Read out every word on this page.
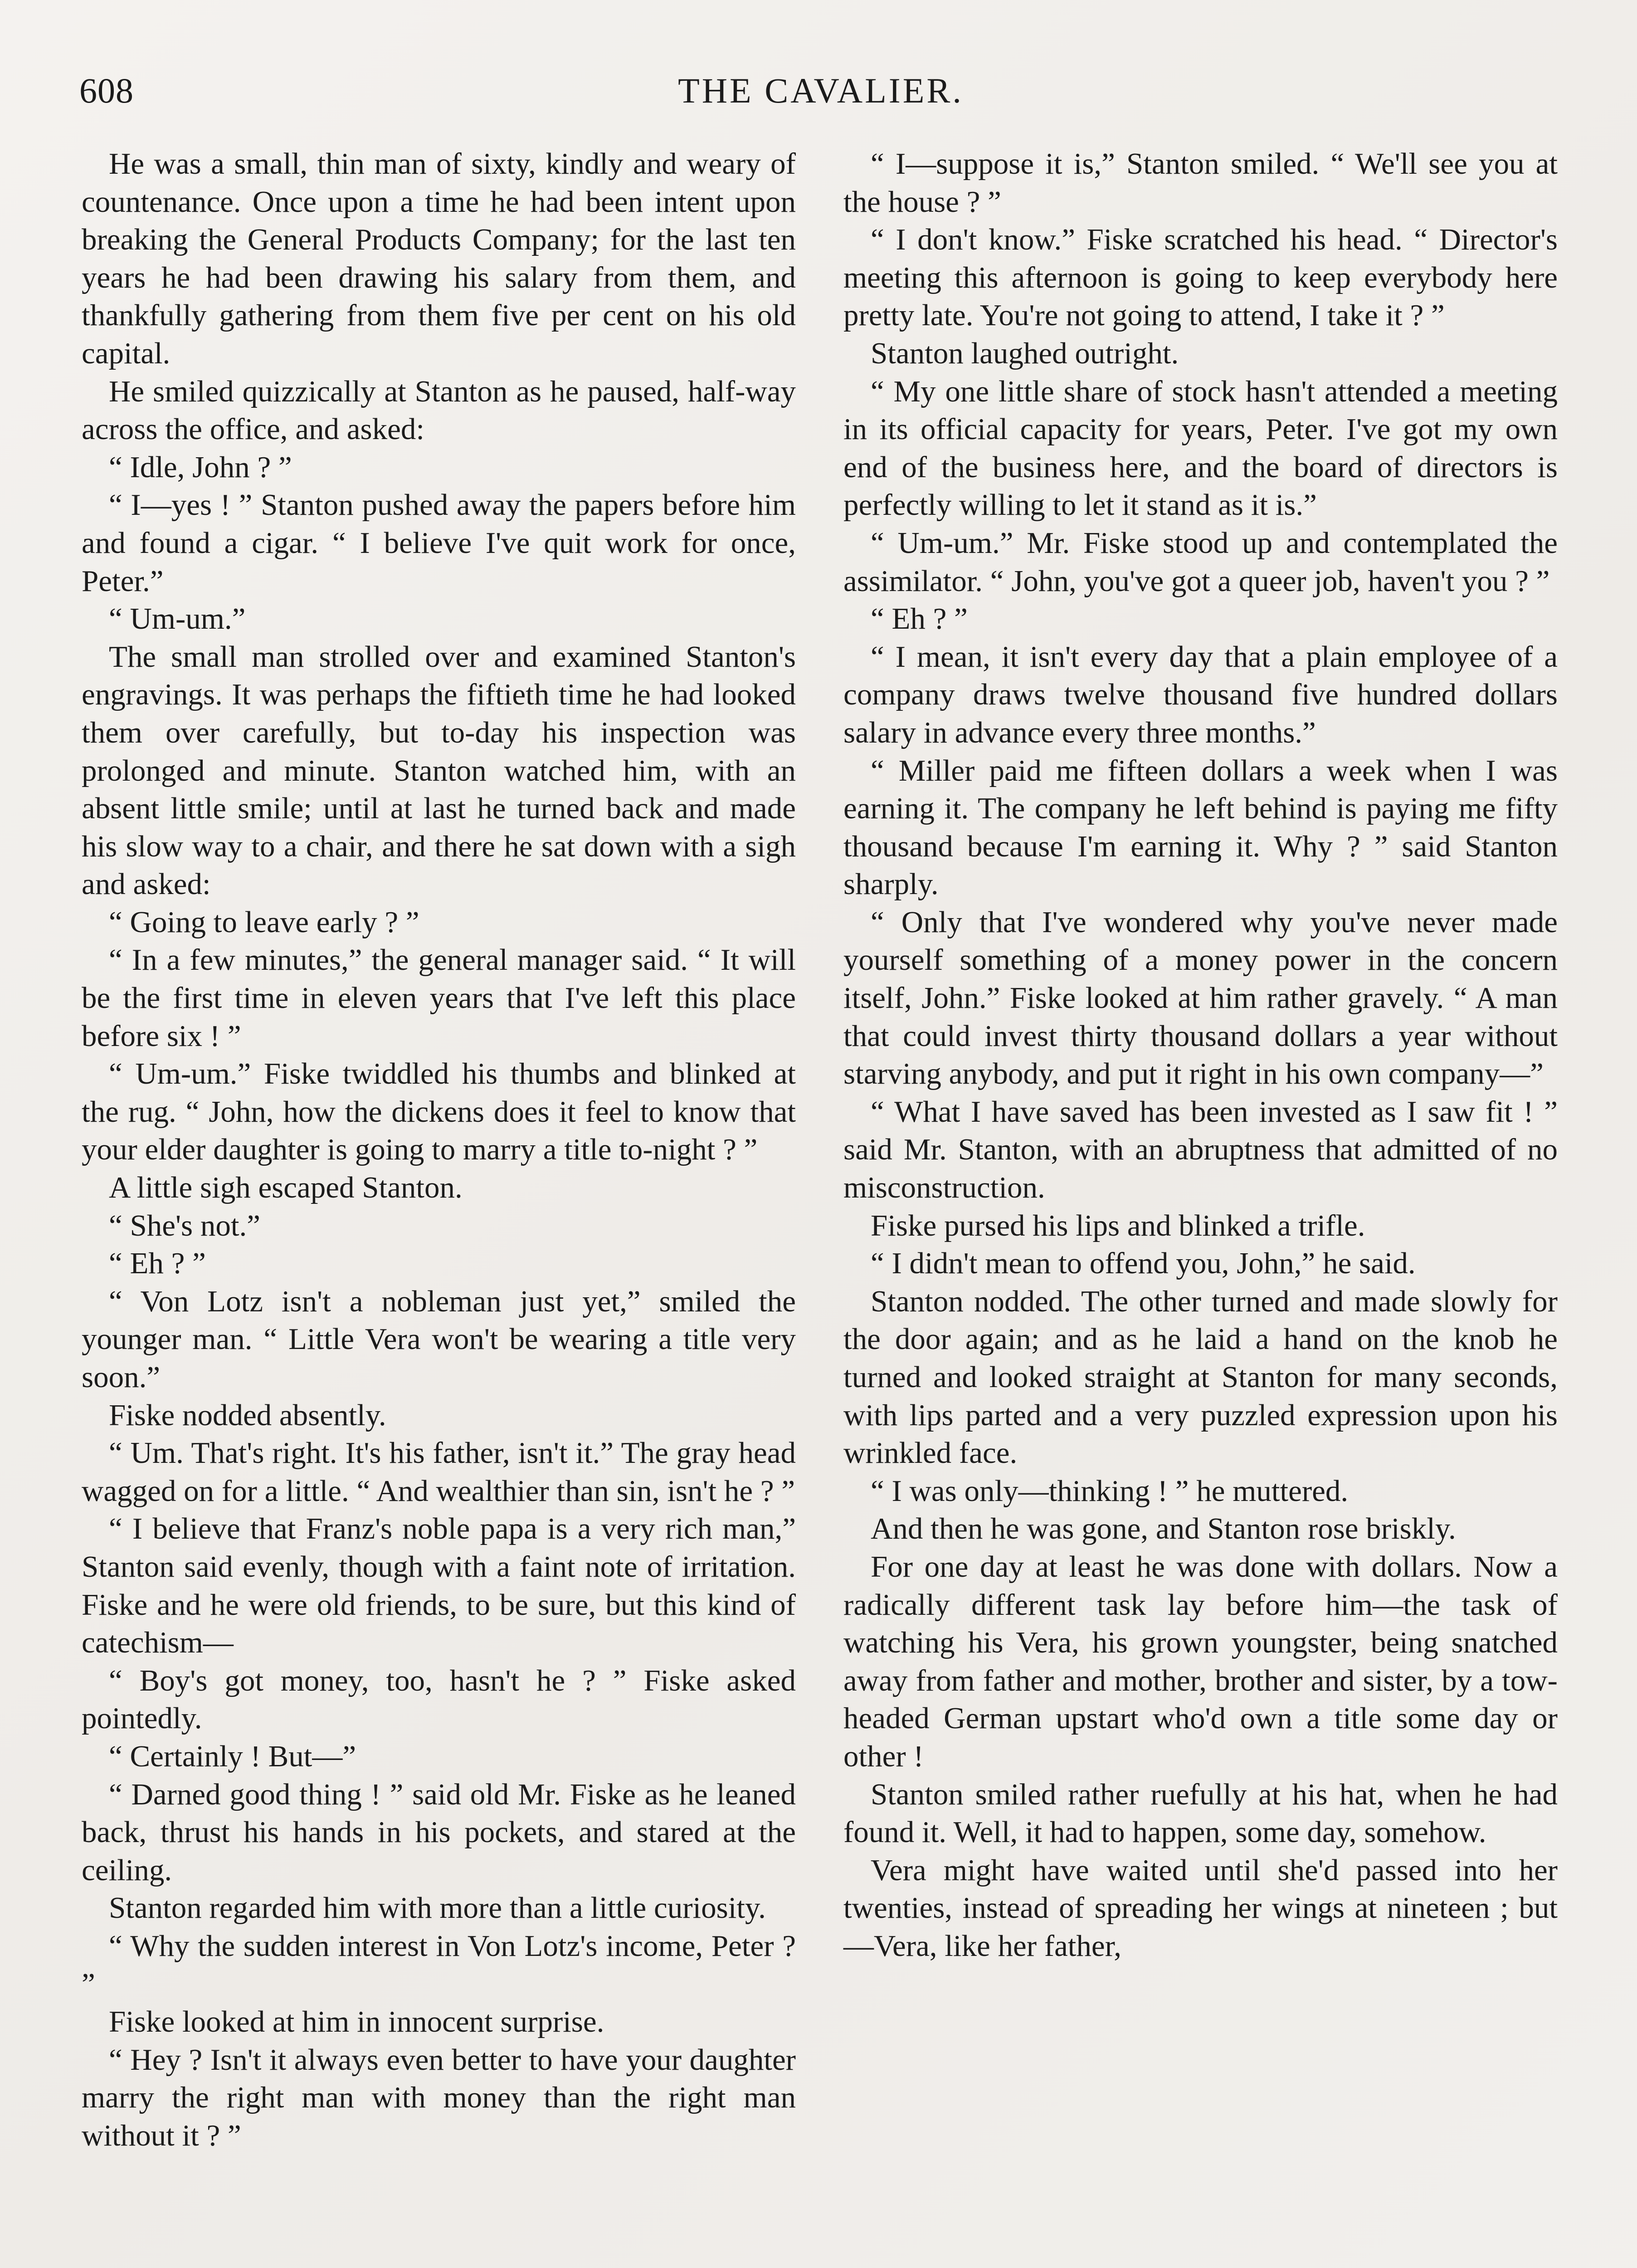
608	THE CAVALIER.

He was a small, thin man of sixty, kindly and weary of countenance. Once upon a time he had been intent upon breaking the General Products Company; for the last ten years he had been drawing his salary from them, and thankfully gathering from them five per cent on his old capital.

He smiled quizzically at Stanton as he paused, half-way across the office, and asked:

“ Idle, John ? ”

“ I—yes ! ” Stanton pushed away the papers before him and found a cigar. “ I believe I've quit work for once, Peter.”

“ Um-um.”

The small man strolled over and examined Stanton's engravings. It was perhaps the fiftieth time he had looked them over carefully, but to-day his inspection was prolonged and minute. Stanton watched him, with an absent little smile; until at last he turned back and made his slow way to a chair, and there he sat down with a sigh and asked:

“ Going to leave early ? ”

“ In a few minutes,” the general manager said. “ It will be the first time in eleven years that I've left this place before six ! ”

“ Um-um.” Fiske twiddled his thumbs and blinked at the rug. “ John, how the dickens does it feel to know that your elder daughter is going to marry a title to-night ? ”

A little sigh escaped Stanton.

“ She's not.”

“ Eh ? ”

“ Von Lotz isn't a nobleman just yet,” smiled the younger man. “ Little Vera won't be wearing a title very soon.”

Fiske nodded absently.

“ Um. That's right. It's his father, isn't it.” The gray head wagged on for a little. “ And wealthier than sin, isn't he ? ”

“ I believe that Franz's noble papa is a very rich man,” Stanton said evenly, though with a faint note of irritation. Fiske and he were old friends, to be sure, but this kind of catechism—

“ Boy's got money, too, hasn't he ? ” Fiske asked pointedly.

“ Certainly ! But—”

“ Darned good thing ! ” said old Mr. Fiske as he leaned back, thrust his hands in his pockets, and stared at the ceiling.

Stanton regarded him with more than a little curiosity.

“ Why the sudden interest in Von Lotz's income, Peter ? ”

Fiske looked at him in innocent surprise.

“ Hey ? Isn't it always even better to have your daughter marry the right man with money than the right man without it ? ”

“ I—suppose it is,” Stanton smiled. “ We'll see you at the house ? ”

“ I don't know.” Fiske scratched his head. “ Director's meeting this afternoon is going to keep everybody here pretty late. You're not going to attend, I take it ? ”

Stanton laughed outright.

“ My one little share of stock hasn't attended a meeting in its official capacity for years, Peter. I've got my own end of the business here, and the board of directors is perfectly willing to let it stand as it is.”

“ Um-um.” Mr. Fiske stood up and contemplated the assimilator. “ John, you've got a queer job, haven't you ? ”

“ Eh ? ”

“ I mean, it isn't every day that a plain employee of a company draws twelve thousand five hundred dollars salary in advance every three months.”

“ Miller paid me fifteen dollars a week when I was earning it. The company he left behind is paying me fifty thousand because I'm earning it. Why ? ” said Stanton sharply.

“ Only that I've wondered why you've never made yourself something of a money power in the concern itself, John.” Fiske looked at him rather gravely. “ A man that could invest thirty thousand dollars a year without starving anybody, and put it right in his own company—”

“ What I have saved has been invested as I saw fit ! ” said Mr. Stanton, with an abruptness that admitted of no misconstruction.

Fiske pursed his lips and blinked a trifle.

“ I didn't mean to offend you, John,” he said.

Stanton nodded. The other turned and made slowly for the door again; and as he laid a hand on the knob he turned and looked straight at Stanton for many seconds, with lips parted and a very puzzled expression upon his wrinkled face.

“ I was only—thinking ! ” he muttered.

And then he was gone, and Stanton rose briskly.

For one day at least he was done with dollars. Now a radically different task lay before him—the task of watching his Vera, his grown youngster, being snatched away from father and mother, brother and sister, by a tow-headed German upstart who'd own a title some day or other !

Stanton smiled rather ruefully at his hat, when he had found it. Well, it had to happen, some day, somehow.

Vera might have waited until she'd passed into her twenties, instead of spreading her wings at nineteen ; but—Vera, like her father,
